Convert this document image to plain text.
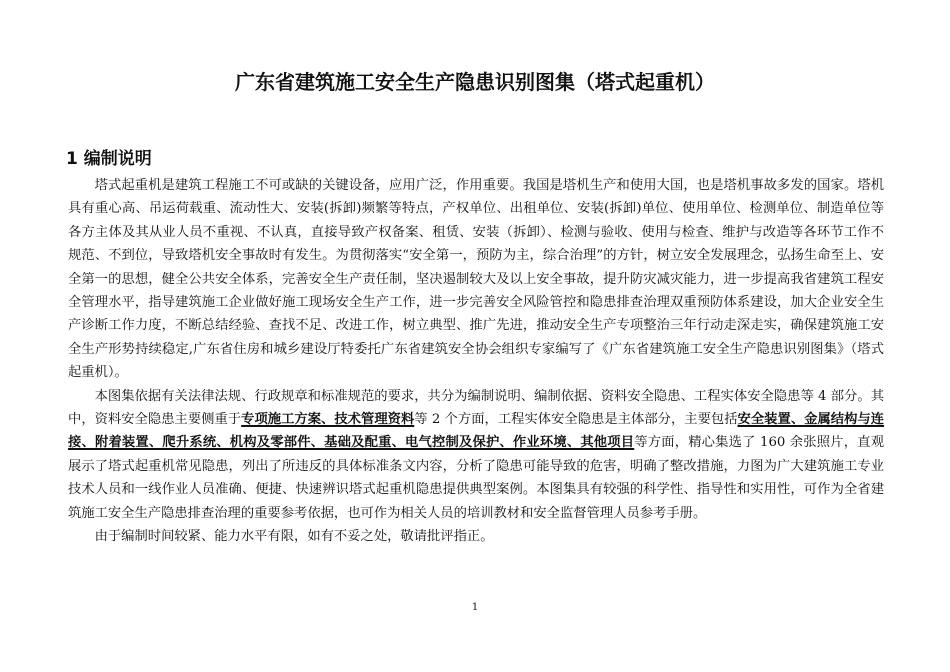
广东省建筑施工安全生产隐患识别图集（塔式起重机）
1 编制说明

塔式起重机是建筑工程施工不可或缺的关键设备，应用广泛，作用重要。我国是塔机生产和使用大国，也是塔机事故多发的国家。塔机具有重心高、吊运荷载重、流动性大、安装(拆卸)频繁等特点，产权单位、出租单位、安装(拆卸)单位、使用单位、检测单位、制造单位等各方主体及其从业人员不重视、不认真，直接导致产权备案、租赁、安装（拆卸）、检测与验收、使用与检查、维护与改造等各环节工作不规范、不到位，导致塔机安全事故时有发生。为贯彻落实“安全第一，预防为主，综合治理”的方针，树立安全发展理念，弘扬生命至上、安全第一的思想，健全公共安全体系，完善安全生产责任制，坚决遏制较大及以上安全事故，提升防灾减灾能力，进一步提高我省建筑工程安全管理水平，指导建筑施工企业做好施工现场安全生产工作，进一步完善安全风险管控和隐患排查治理双重预防体系建设，加大企业安全生产诊断工作力度，不断总结经验、查找不足、改进工作，树立典型、推广先进，推动安全生产专项整治三年行动走深走实，确保建筑施工安全生产形势持续稳定,广东省住房和城乡建设厅特委托广东省建筑安全协会组织专家编写了《广东省建筑施工安全生产隐患识别图集》（塔式起重机）。

本图集依据有关法律法规、行政规章和标准规范的要求，共分为编制说明、编制依据、资料安全隐患、工程实体安全隐患等 4 部分。其中，资料安全隐患主要侧重于专项施工方案、技术管理资料等 2 个方面，工程实体安全隐患是主体部分，主要包括安全装置、金属结构与连接、附着装置、爬升系统、机构及零部件、基础及配重、电气控制及保护、作业环境、其他项目等方面，精心集选了 160 余张照片，直观展示了塔式起重机常见隐患，列出了所违反的具体标准条文内容，分析了隐患可能导致的危害，明确了整改措施，力图为广大建筑施工专业技术人员和一线作业人员准确、便捷、快速辨识塔式起重机隐患提供典型案例。本图集具有较强的科学性、指导性和实用性，可作为全省建筑施工安全生产隐患排查治理的重要参考依据，也可作为相关人员的培训教材和安全监督管理人员参考手册。

由于编制时间较紧、能力水平有限，如有不妥之处，敬请批评指正。

1
